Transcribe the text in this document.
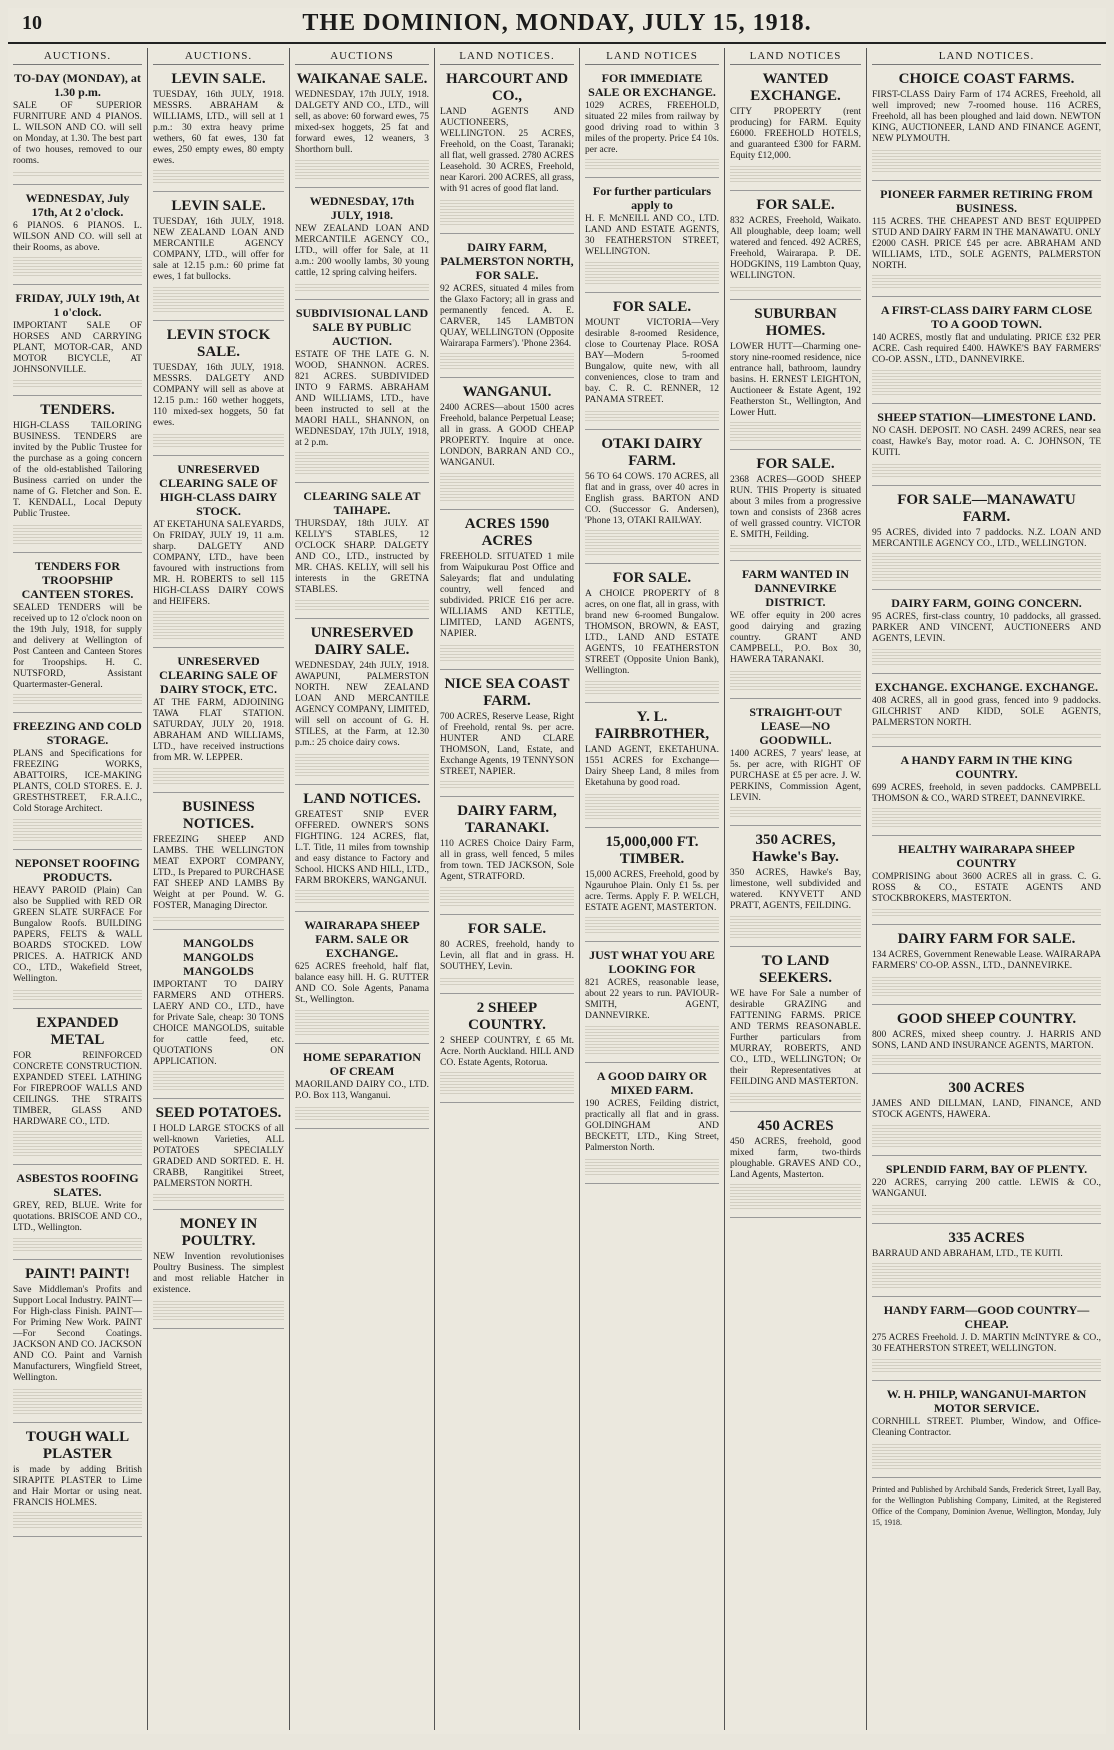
10	THE DOMINION, MONDAY, JULY 15, 1918.
AUCTIONS.
TO-DAY (MONDAY), at 1.30 p.m.
SALE OF SUPERIOR FURNITURE AND 4 PIANOS. L. WILSON AND CO. will sell on Monday, at 1.30. The best part of two houses, removed to our rooms.
WEDNESDAY, July 17th, At 2 o'clock.
6 PIANOS. 6 PIANOS. L. WILSON AND CO. will sell at their Rooms, as above.
FRIDAY, JULY 19th, At 1 o'clock.
IMPORTANT SALE OF HORSES AND CARRYING PLANT, MOTOR-CAR, AND MOTOR BICYCLE, AT JOHNSONVILLE.
TENDERS.
HIGH-CLASS TAILORING BUSINESS. TENDERS are invited by the Public Trustee for the purchase as a going concern of the old-established Tailoring Business carried on under the name of G. Fletcher and Son. E. T. KENDALL, Local Deputy Public Trustee.
TENDERS FOR TROOPSHIP CANTEEN STORES.
SEALED TENDERS will be received up to 12 o'clock noon on the 19th July, 1918, for supply and delivery at Wellington of Post Canteen and Canteen Stores for Troopships. H. C. NUTSFORD, Assistant Quartermaster-General.
FREEZING AND COLD STORAGE.
PLANS and Specifications for FREEZING WORKS, ABATTOIRS, ICE-MAKING PLANTS, COLD STORES. E. J. GRESTHSTREET, F.R.A.I.C., Cold Storage Architect.
NEPONSET ROOFING PRODUCTS.
HEAVY PAROID (Plain) Can also be Supplied with RED OR GREEN SLATE SURFACE For Bungalow Roofs. BUILDING PAPERS, FELTS & WALL BOARDS STOCKED. LOW PRICES. A. HATRICK AND CO., LTD., Wakefield Street, Wellington.
EXPANDED METAL
FOR REINFORCED CONCRETE CONSTRUCTION. EXPANDED STEEL LATHING For FIREPROOF WALLS AND CEILINGS. THE STRAITS TIMBER, GLASS AND HARDWARE CO., LTD.
ASBESTOS ROOFING SLATES.
GREY, RED, BLUE. Write for quotations. BRISCOE AND CO., LTD., Wellington.
PAINT! PAINT!
Save Middleman's Profits and Support Local Industry. PAINT—For High-class Finish. PAINT—For Priming New Work. PAINT—For Second Coatings. JACKSON AND CO. JACKSON AND CO. Paint and Varnish Manufacturers, Wingfield Street, Wellington.
TOUGH WALL PLASTER
is made by adding British SIRAPITE PLASTER to Lime and Hair Mortar or using neat. FRANCIS HOLMES.
AUCTIONS.
LEVIN SALE.
TUESDAY, 16th JULY, 1918. MESSRS. ABRAHAM & WILLIAMS, LTD., will sell at 1 p.m.: 30 extra heavy prime wethers, 60 fat ewes, 130 fat ewes, 250 empty ewes, 80 empty ewes.
LEVIN SALE.
TUESDAY, 16th JULY, 1918. NEW ZEALAND LOAN AND MERCANTILE AGENCY COMPANY, LTD., will offer for sale at 12.15 p.m.: 60 prime fat ewes, 1 fat bullocks.
LEVIN STOCK SALE.
TUESDAY, 16th JULY, 1918. MESSRS. DALGETY AND COMPANY will sell as above at 12.15 p.m.: 160 wether hoggets, 110 mixed-sex hoggets, 50 fat ewes.
UNRESERVED CLEARING SALE OF HIGH-CLASS DAIRY STOCK.
AT EKETAHUNA SALEYARDS, On FRIDAY, JULY 19, 11 a.m. sharp. DALGETY AND COMPANY, LTD., have been favoured with instructions from MR. H. ROBERTS to sell 115 HIGH-CLASS DAIRY COWS and HEIFERS.
UNRESERVED CLEARING SALE OF DAIRY STOCK, ETC.
AT THE FARM, ADJOINING TAWA FLAT STATION. SATURDAY, JULY 20, 1918. ABRAHAM AND WILLIAMS, LTD., have received instructions from MR. W. LEPPER.
BUSINESS NOTICES.
FREEZING SHEEP AND LAMBS. THE WELLINGTON MEAT EXPORT COMPANY, LTD., Is Prepared to PURCHASE FAT SHEEP AND LAMBS By Weight at per Pound. W. G. FOSTER, Managing Director.
MANGOLDS MANGOLDS MANGOLDS
IMPORTANT TO DAIRY FARMERS AND OTHERS. LAERY AND CO., LTD., have for Private Sale, cheap: 30 TONS CHOICE MANGOLDS, suitable for cattle feed, etc. QUOTATIONS ON APPLICATION.
SEED POTATOES.
I HOLD LARGE STOCKS of all well-known Varieties, ALL POTATOES SPECIALLY GRADED AND SORTED. E. H. CRABB, Rangitikei Street, PALMERSTON NORTH.
MONEY IN POULTRY.
NEW Invention revolutionises Poultry Business. The simplest and most reliable Hatcher in existence.
AUCTIONS
WAIKANAE SALE.
WEDNESDAY, 17th JULY, 1918. DALGETY AND CO., LTD., will sell, as above: 60 forward ewes, 75 mixed-sex hoggets, 25 fat and forward ewes, 12 weaners, 3 Shorthorn bull.
WEDNESDAY, 17th JULY, 1918.
NEW ZEALAND LOAN AND MERCANTILE AGENCY CO., LTD., will offer for Sale, at 11 a.m.: 200 woolly lambs, 30 young cattle, 12 spring calving heifers.
SUBDIVISIONAL LAND SALE BY PUBLIC AUCTION.
ESTATE OF THE LATE G. N. WOOD, SHANNON. ACRES. 821 ACRES. SUBDIVIDED INTO 9 FARMS. ABRAHAM AND WILLIAMS, LTD., have been instructed to sell at the MAORI HALL, SHANNON, on WEDNESDAY, 17th JULY, 1918, at 2 p.m.
CLEARING SALE AT TAIHAPE.
THURSDAY, 18th JULY. AT KELLY'S STABLES, 12 O'CLOCK SHARP. DALGETY AND CO., LTD., instructed by MR. CHAS. KELLY, will sell his interests in the GRETNA STABLES.
UNRESERVED DAIRY SALE.
WEDNESDAY, 24th JULY, 1918. AWAPUNI, PALMERSTON NORTH. NEW ZEALAND LOAN AND MERCANTILE AGENCY COMPANY, LIMITED, will sell on account of G. H. STILES, at the Farm, at 12.30 p.m.: 25 choice dairy cows.
LAND NOTICES.
GREATEST SNIP EVER OFFERED. OWNER'S SONS FIGHTING. 124 ACRES, flat, L.T. Title, 11 miles from township and easy distance to Factory and School. HICKS AND HILL, LTD., FARM BROKERS, WANGANUI.
WAIRARAPA SHEEP FARM. SALE OR EXCHANGE.
625 ACRES freehold, half flat, balance easy hill. H. G. RUTTER AND CO. Sole Agents, Panama St., Wellington.
HOME SEPARATION OF CREAM
MAORILAND DAIRY CO., LTD. P.O. Box 113, Wanganui.
LAND NOTICES.
HARCOURT AND CO.,
LAND AGENTS AND AUCTIONEERS, WELLINGTON. 25 ACRES, Freehold, on the Coast, Taranaki; all flat, well grassed. 2780 ACRES Leasehold. 30 ACRES, Freehold, near Karori. 200 ACRES, all grass, with 91 acres of good flat land.
DAIRY FARM, PALMERSTON NORTH, FOR SALE.
92 ACRES, situated 4 miles from the Glaxo Factory; all in grass and permanently fenced. A. E. CARVER, 145 LAMBTON QUAY, WELLINGTON (Opposite Wairarapa Farmers'). 'Phone 2364.
WANGANUI.
2400 ACRES—about 1500 acres Freehold, balance Perpetual Lease; all in grass. A GOOD CHEAP PROPERTY. Inquire at once. LONDON, BARRAN AND CO., WANGANUI.
ACRES 1590 ACRES
FREEHOLD. SITUATED 1 mile from Waipukurau Post Office and Saleyards; flat and undulating country, well fenced and subdivided. PRICE £16 per acre. WILLIAMS AND KETTLE, LIMITED, LAND AGENTS, NAPIER.
NICE SEA COAST FARM.
700 ACRES, Reserve Lease, Right of Freehold, rental 9s. per acre. HUNTER AND CLARE THOMSON, Land, Estate, and Exchange Agents, 19 TENNYSON STREET, NAPIER.
DAIRY FARM, TARANAKI.
110 ACRES Choice Dairy Farm, all in grass, well fenced, 5 miles from town. TED JACKSON, Sole Agent, STRATFORD.
FOR SALE.
80 ACRES, freehold, handy to Levin, all flat and in grass. H. SOUTHEY, Levin.
2 SHEEP COUNTRY.
2 SHEEP COUNTRY, £ 65 Mt. Acre. North Auckland. HILL AND CO. Estate Agents, Rotorua.
LAND NOTICES
FOR IMMEDIATE SALE OR EXCHANGE.
1029 ACRES, FREEHOLD, situated 22 miles from railway by good driving road to within 3 miles of the property. Price £4 10s. per acre.
For further particulars apply to
H. F. McNEILL AND CO., LTD. LAND AND ESTATE AGENTS, 30 FEATHERSTON STREET, WELLINGTON.
FOR SALE.
MOUNT VICTORIA—Very desirable 8-roomed Residence, close to Courtenay Place. ROSA BAY—Modern 5-roomed Bungalow, quite new, with all conveniences, close to tram and bay. C. R. C. RENNER, 12 PANAMA STREET.
OTAKI DAIRY FARM.
56 TO 64 COWS. 170 ACRES, all flat and in grass, over 40 acres in English grass. BARTON AND CO. (Successor G. Andersen), 'Phone 13, OTAKI RAILWAY.
FOR SALE.
A CHOICE PROPERTY of 8 acres, on one flat, all in grass, with brand new 6-roomed Bungalow. THOMSON, BROWN, & EAST, LTD., LAND AND ESTATE AGENTS, 10 FEATHERSTON STREET (Opposite Union Bank), Wellington.
Y. L. FAIRBROTHER,
LAND AGENT, EKETAHUNA. 1551 ACRES for Exchange—Dairy Sheep Land, 8 miles from Eketahuna by good road.
15,000,000 FT. TIMBER.
15,000 ACRES, Freehold, good by Ngauruhoe Plain. Only £1 5s. per acre. Terms. Apply F. P. WELCH, ESTATE AGENT, MASTERTON.
JUST WHAT YOU ARE LOOKING FOR
821 ACRES, reasonable lease, about 22 years to run. PAVIOUR-SMITH, AGENT, DANNEVIRKE.
A GOOD DAIRY OR MIXED FARM.
190 ACRES, Feilding district, practically all flat and in grass. GOLDINGHAM AND BECKETT, LTD., King Street, Palmerston North.
LAND NOTICES
WANTED EXCHANGE.
CITY PROPERTY (rent producing) for FARM. Equity £6000. FREEHOLD HOTELS, and guaranteed £300 for FARM. Equity £12,000.
FOR SALE.
832 ACRES, Freehold, Waikato. All ploughable, deep loam; well watered and fenced. 492 ACRES, Freehold, Wairarapa. P. DE. HODGKINS, 119 Lambton Quay, WELLINGTON.
SUBURBAN HOMES.
LOWER HUTT—Charming one-story nine-roomed residence, nice entrance hall, bathroom, laundry basins. H. ERNEST LEIGHTON, Auctioneer & Estate Agent, 192 Featherston St., Wellington, And Lower Hutt.
FOR SALE.
2368 ACRES—GOOD SHEEP RUN. THIS Property is situated about 3 miles from a progressive town and consists of 2368 acres of well grassed country. VICTOR E. SMITH, Feilding.
FARM WANTED IN DANNEVIRKE DISTRICT.
WE offer equity in 200 acres good dairying and grazing country. GRANT AND CAMPBELL, P.O. Box 30, HAWERA TARANAKI.
STRAIGHT-OUT LEASE—NO GOODWILL.
1400 ACRES, 7 years' lease, at 5s. per acre, with RIGHT OF PURCHASE at £5 per acre. J. W. PERKINS, Commission Agent, LEVIN.
350 ACRES, Hawke's Bay.
350 ACRES, Hawke's Bay, limestone, well subdivided and watered. KNYVETT AND PRATT, AGENTS, FEILDING.
TO LAND SEEKERS.
WE have For Sale a number of desirable GRAZING and FATTENING FARMS. PRICE AND TERMS REASONABLE. Further particulars from MURRAY, ROBERTS, AND CO., LTD., WELLINGTON; Or their Representatives at FEILDING AND MASTERTON.
450 ACRES
450 ACRES, freehold, good mixed farm, two-thirds ploughable. GRAVES AND CO., Land Agents, Masterton.
LAND NOTICES.
CHOICE COAST FARMS.
FIRST-CLASS Dairy Farm of 174 ACRES, Freehold, all well improved; new 7-roomed house. 116 ACRES, Freehold, all has been ploughed and laid down. NEWTON KING, AUCTIONEER, LAND AND FINANCE AGENT, NEW PLYMOUTH.
PIONEER FARMER RETIRING FROM BUSINESS.
115 ACRES. THE CHEAPEST AND BEST EQUIPPED STUD AND DAIRY FARM IN THE MANAWATU. ONLY £2000 CASH. PRICE £45 per acre. ABRAHAM AND WILLIAMS, LTD., SOLE AGENTS, PALMERSTON NORTH.
A FIRST-CLASS DAIRY FARM CLOSE TO A GOOD TOWN.
140 ACRES, mostly flat and undulating. PRICE £32 PER ACRE. Cash required £400. HAWKE'S BAY FARMERS' CO-OP. ASSN., LTD., DANNEVIRKE.
SHEEP STATION—LIMESTONE LAND.
NO CASH. DEPOSIT. NO CASH. 2499 ACRES, near sea coast, Hawke's Bay, motor road. A. C. JOHNSON, TE KUITI.
FOR SALE—MANAWATU FARM.
95 ACRES, divided into 7 paddocks. N.Z. LOAN AND MERCANTILE AGENCY CO., LTD., WELLINGTON.
DAIRY FARM, GOING CONCERN.
95 ACRES, first-class country, 10 paddocks, all grassed. PARKER AND VINCENT, AUCTIONEERS AND AGENTS, LEVIN.
EXCHANGE. EXCHANGE. EXCHANGE.
408 ACRES, all in good grass, fenced into 9 paddocks. GILCHRIST AND KIDD, SOLE AGENTS, PALMERSTON NORTH.
A HANDY FARM IN THE KING COUNTRY.
699 ACRES, freehold, in seven paddocks. CAMPBELL THOMSON & CO., WARD STREET, DANNEVIRKE.
HEALTHY WAIRARAPA SHEEP COUNTRY
COMPRISING about 3600 ACRES all in grass. C. G. ROSS & CO., ESTATE AGENTS AND STOCKBROKERS, MASTERTON.
DAIRY FARM FOR SALE.
134 ACRES, Government Renewable Lease. WAIRARAPA FARMERS' CO-OP. ASSN., LTD., DANNEVIRKE.
GOOD SHEEP COUNTRY.
800 ACRES, mixed sheep country. J. HARRIS AND SONS, LAND AND INSURANCE AGENTS, MARTON.
300 ACRES
JAMES AND DILLMAN, LAND, FINANCE, AND STOCK AGENTS, HAWERA.
SPLENDID FARM, BAY OF PLENTY.
220 ACRES, carrying 200 cattle. LEWIS & CO., WANGANUI.
335 ACRES
BARRAUD AND ABRAHAM, LTD., TE KUITI.
HANDY FARM—GOOD COUNTRY—CHEAP.
275 ACRES Freehold. J. D. MARTIN McINTYRE & CO., 30 FEATHERSTON STREET, WELLINGTON.
W. H. PHILP, WANGANUI-MARTON MOTOR SERVICE.
CORNHILL STREET. Plumber, Window, and Office-Cleaning Contractor.
Printed and Published by Archibald Sands, Frederick Street, Lyall Bay, for the Wellington Publishing Company, Limited, at the Registered Office of the Company, Dominion Avenue, Wellington, Monday, July 15, 1918.
